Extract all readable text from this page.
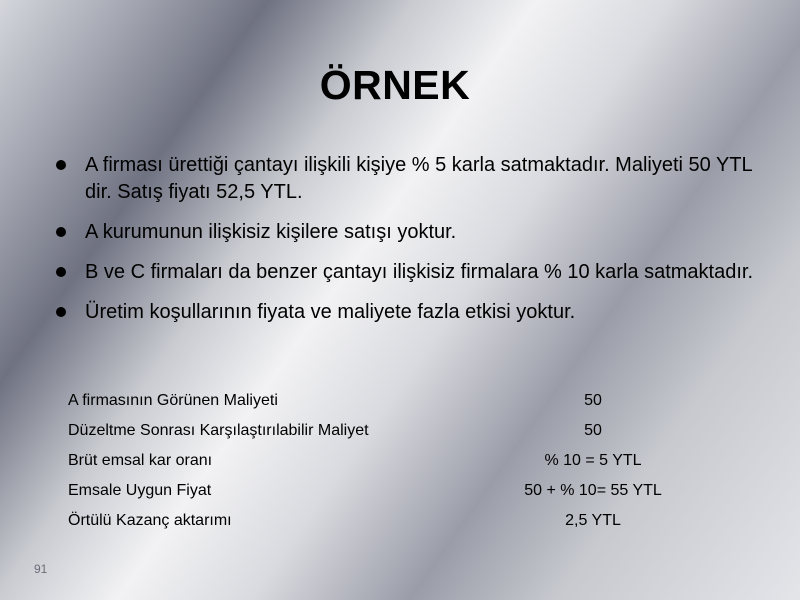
ÖRNEK
A firması ürettiği çantayı ilişkili kişiye % 5 karla satmaktadır. Maliyeti 50 YTL dir. Satış fiyatı 52,5 YTL.
A kurumunun ilişkisiz kişilere satışı yoktur.
B ve C firmaları da benzer çantayı ilişkisiz firmalara % 10 karla satmaktadır.
Üretim koşullarının fiyata ve maliyete fazla etkisi yoktur.
A firmasının Görünen Maliyeti	50
Düzeltme Sonrası Karşılaştırılabilir Maliyet	50
Brüt emsal kar oranı	% 10 = 5 YTL
Emsale Uygun Fiyat	50 + % 10= 55 YTL
Örtülü Kazanç aktarımı	2,5 YTL
91
